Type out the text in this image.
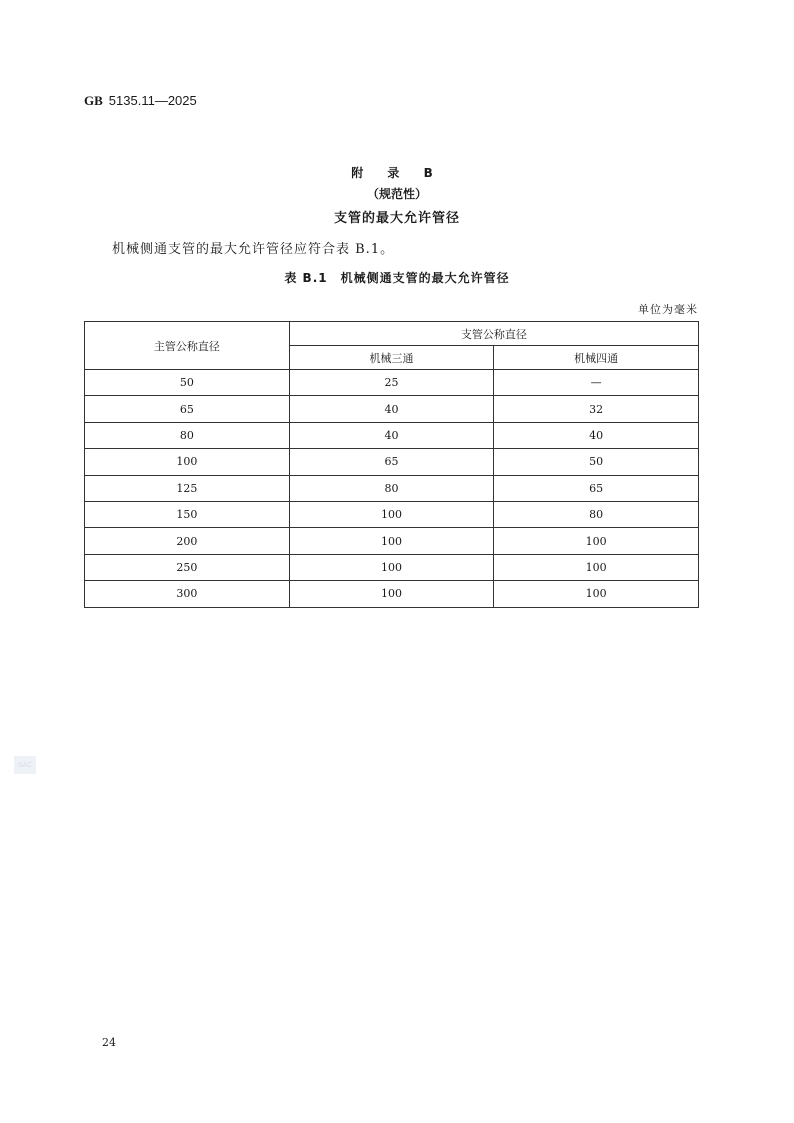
GB 5135.11—2025
附 录 B
（规范性）
支管的最大允许管径
机械侧通支管的最大允许管径应符合表 B.1。
表 B.1　机械侧通支管的最大允许管径
单位为毫米
主管公称直径	支管公称直径	
	机械三通	机械四通
50	25	—
65	40	32
80	40	40
100	65	50
125	80	65
150	100	80
200	100	100
250	100	100
300	100	100
SAC
24
